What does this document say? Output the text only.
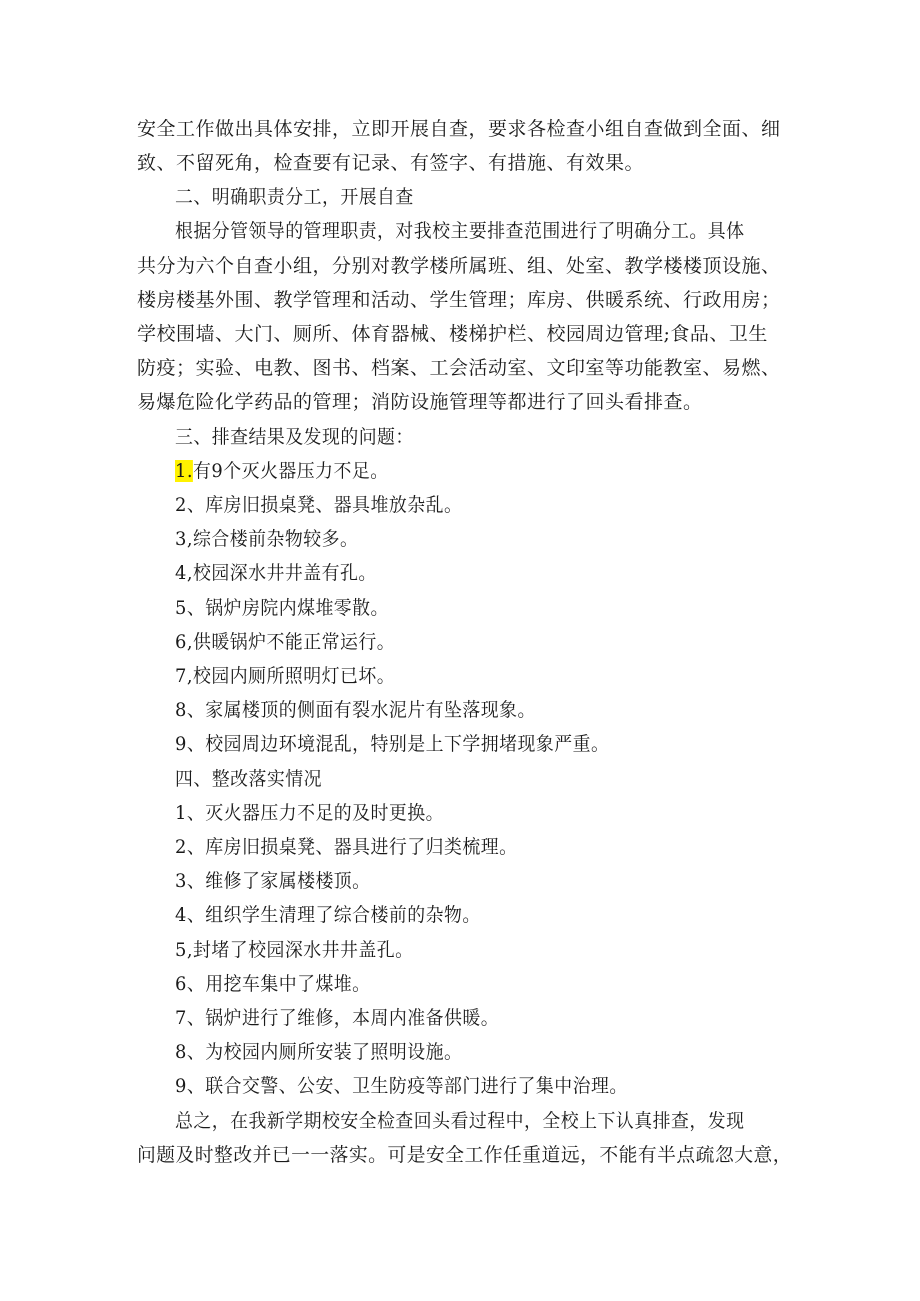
安全工作做出具体安排，立即开展自查，要求各检查小组自查做到全面、细
致、不留死角，检查要有记录、有签字、有措施、有效果。
二、明确职责分工，开展自查
根据分管领导的管理职责，对我校主要排查范围进行了明确分工。具体
共分为六个自查小组，分别对教学楼所属班、组、处室、教学楼楼顶设施、
楼房楼基外围、教学管理和活动、学生管理；库房、供暖系统、行政用房；
学校围墙、大门、厕所、体育器械、楼梯护栏、校园周边管理;食品、卫生
防疫；实验、电教、图书、档案、工会活动室、文印室等功能教室、易燃、
易爆危险化学药品的管理；消防设施管理等都进行了回头看排查。
三、排查结果及发现的问题：
1.有9个灭火器压力不足。
2、库房旧损桌凳、器具堆放杂乱。
3,综合楼前杂物较多。
4,校园深水井井盖有孔。
5、锅炉房院内煤堆零散。
6,供暖锅炉不能正常运行。
7,校园内厕所照明灯已坏。
8、家属楼顶的侧面有裂水泥片有坠落现象。
9、校园周边环境混乱，特别是上下学拥堵现象严重。
四、整改落实情况
1、灭火器压力不足的及时更换。
2、库房旧损桌凳、器具进行了归类梳理。
3、维修了家属楼楼顶。
4、组织学生清理了综合楼前的杂物。
5,封堵了校园深水井井盖孔。
6、用挖车集中了煤堆。
7、锅炉进行了维修，本周内准备供暖。
8、为校园内厕所安装了照明设施。
9、联合交警、公安、卫生防疫等部门进行了集中治理。
总之，在我新学期校安全检查回头看过程中，全校上下认真排查，发现
问题及时整改并已一一落实。可是安全工作任重道远，不能有半点疏忽大意，
